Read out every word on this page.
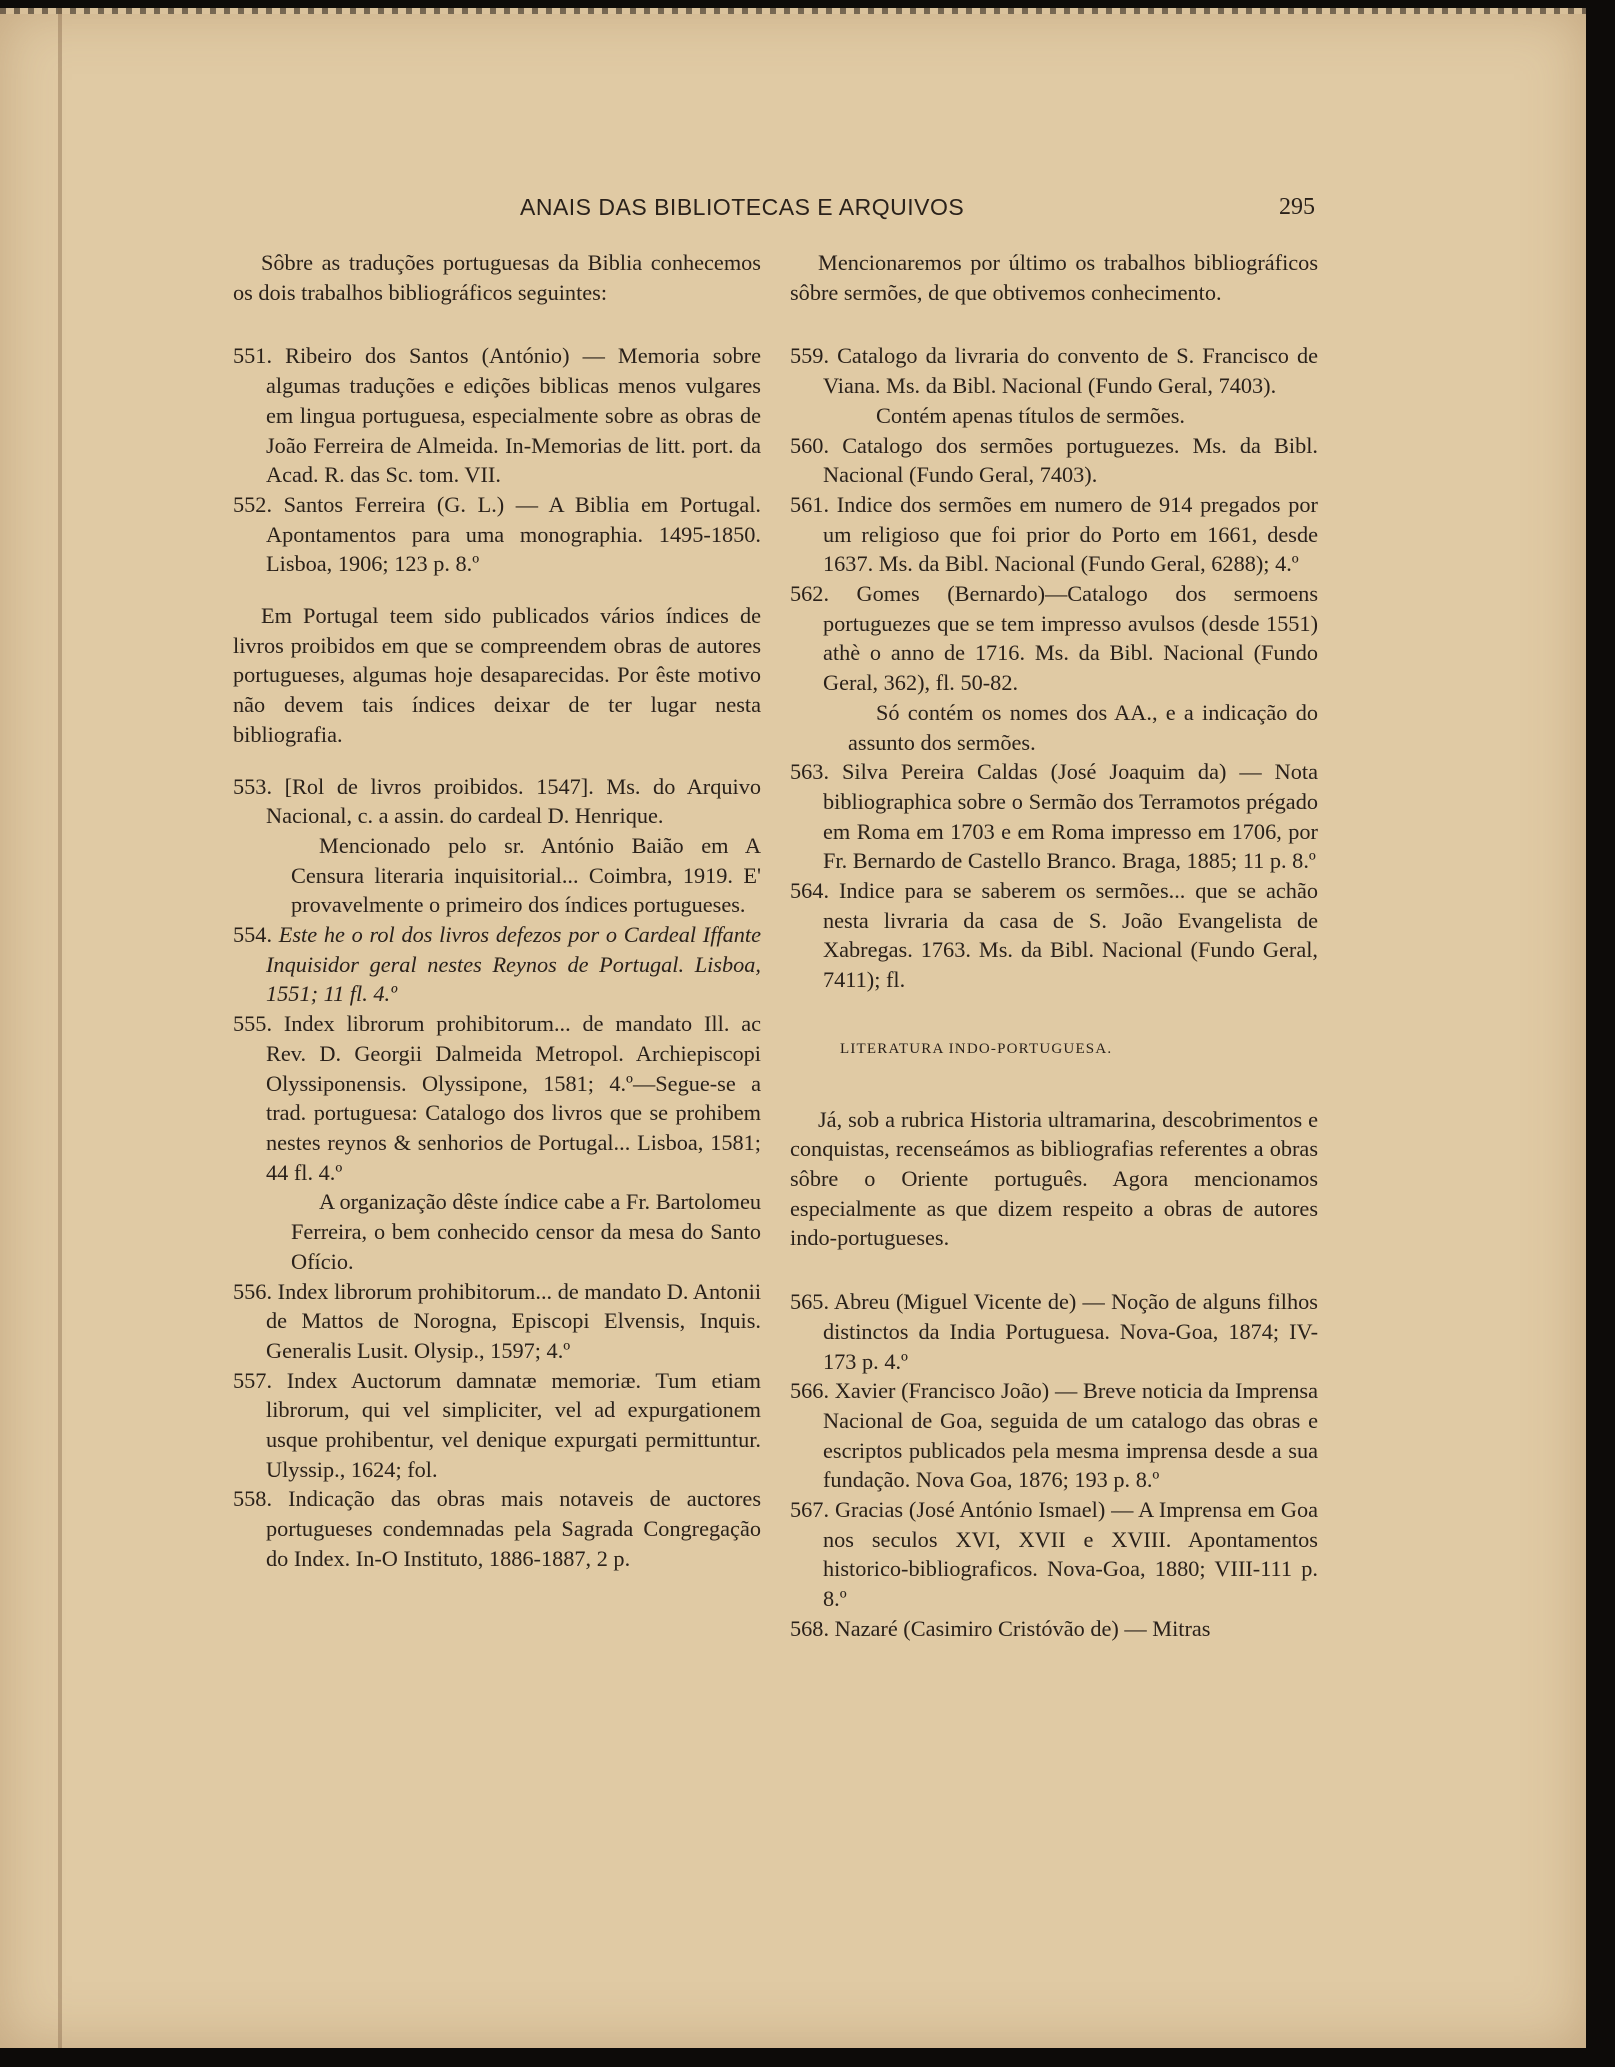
ANAIS DAS BIBLIOTECAS E ARQUIVOS	295

Sôbre as traduções portuguesas da Biblia conhecemos os dois trabalhos bibliográficos seguintes:

551. Ribeiro dos Santos (António) — Memoria sobre algumas traduções e edições biblicas menos vulgares em lingua portuguesa, especialmente sobre as obras de João Ferreira de Almeida. In-Memorias de litt. port. da Acad. R. das Sc. tom. VII.

552. Santos Ferreira (G. L.) — A Biblia em Portugal. Apontamentos para uma monographia. 1495-1850. Lisboa, 1906; 123 p. 8.º

Em Portugal teem sido publicados vários índices de livros proibidos em que se compreendem obras de autores portugueses, algumas hoje desaparecidas. Por êste motivo não devem tais índices deixar de ter lugar nesta bibliografia.

553. [Rol de livros proibidos. 1547]. Ms. do Arquivo Nacional, c. a assin. do cardeal D. Henrique.

Mencionado pelo sr. António Baião em A Censura literaria inquisitorial... Coimbra, 1919. E' provavelmente o primeiro dos índices portugueses.

554. Este he o rol dos livros defezos por o Cardeal Iffante Inquisidor geral nestes Reynos de Portugal. Lisboa, 1551; 11 fl. 4.º

555. Index librorum prohibitorum... de mandato Ill. ac Rev. D. Georgii Dalmeida Metropol. Archiepiscopi Olyssiponensis. Olyssipone, 1581; 4.º—Segue-se a trad. portuguesa: Catalogo dos livros que se prohibem nestes reynos & senhorios de Portugal... Lisboa, 1581; 44 fl. 4.º

A organização dêste índice cabe a Fr. Bartolomeu Ferreira, o bem conhecido censor da mesa do Santo Ofício.

556. Index librorum prohibitorum... de mandato D. Antonii de Mattos de Norogna, Episcopi Elvensis, Inquis. Generalis Lusit. Olysip., 1597; 4.º

557. Index Auctorum damnatæ memoriæ. Tum etiam librorum, qui vel simpliciter, vel ad expurgationem usque prohibentur, vel denique expurgati permittuntur. Ulyssip., 1624; fol.

558. Indicação das obras mais notaveis de auctores portugueses condemnadas pela Sagrada Congregação do Index. In-O Instituto, 1886-1887, 2 p.

Mencionaremos por último os trabalhos bibliográficos sôbre sermões, de que obtivemos conhecimento.

559. Catalogo da livraria do convento de S. Francisco de Viana. Ms. da Bibl. Nacional (Fundo Geral, 7403).

Contém apenas títulos de sermões.

560. Catalogo dos sermões portuguezes. Ms. da Bibl. Nacional (Fundo Geral, 7403).

561. Indice dos sermões em numero de 914 pregados por um religioso que foi prior do Porto em 1661, desde 1637. Ms. da Bibl. Nacional (Fundo Geral, 6288); 4.º

562. Gomes (Bernardo)—Catalogo dos sermoens portuguezes que se tem impresso avulsos (desde 1551) athè o anno de 1716. Ms. da Bibl. Nacional (Fundo Geral, 362), fl. 50-82.

Só contém os nomes dos AA., e a indicação do assunto dos sermões.

563. Silva Pereira Caldas (José Joaquim da) — Nota bibliographica sobre o Sermão dos Terramotos prégado em Roma em 1703 e em Roma impresso em 1706, por Fr. Bernardo de Castello Branco. Braga, 1885; 11 p. 8.º

564. Indice para se saberem os sermões... que se achão nesta livraria da casa de S. João Evangelista de Xabregas. 1763. Ms. da Bibl. Nacional (Fundo Geral, 7411); fl.

LITERATURA INDO-PORTUGUESA.

Já, sob a rubrica Historia ultramarina, descobrimentos e conquistas, recenseámos as bibliografias referentes a obras sôbre o Oriente português. Agora mencionamos especialmente as que dizem respeito a obras de autores indo-portugueses.

565. Abreu (Miguel Vicente de) — Noção de alguns filhos distinctos da India Portuguesa. Nova-Goa, 1874; IV-173 p. 4.º

566. Xavier (Francisco João) — Breve noticia da Imprensa Nacional de Goa, seguida de um catalogo das obras e escriptos publicados pela mesma imprensa desde a sua fundação. Nova Goa, 1876; 193 p. 8.º

567. Gracias (José António Ismael) — A Imprensa em Goa nos seculos XVI, XVII e XVIII. Apontamentos historico-bibliograficos. Nova-Goa, 1880; VIII-111 p. 8.º

568. Nazaré (Casimiro Cristóvão de) — Mitras
